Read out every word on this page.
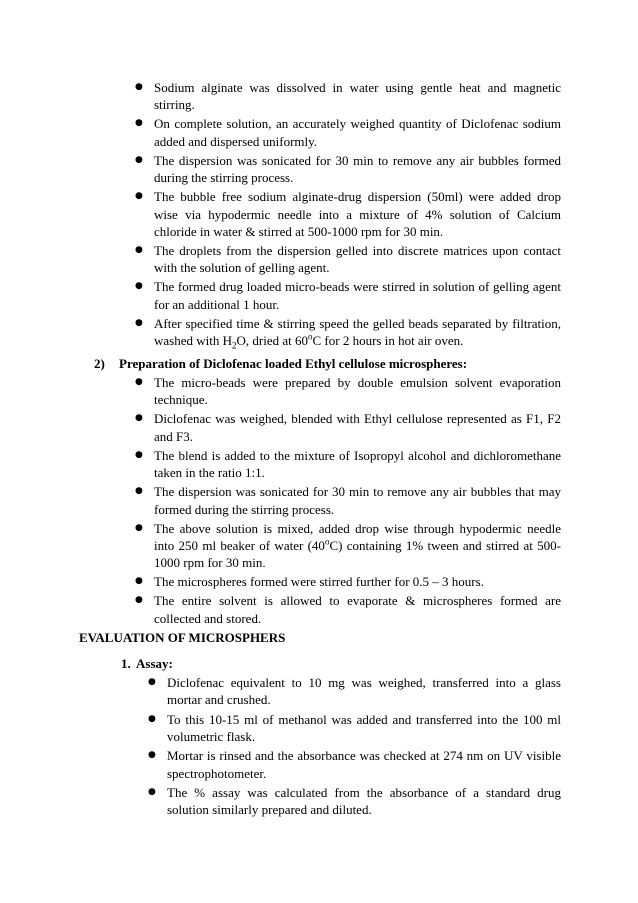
● Sodium alginate was dissolved in water using gentle heat and magnetic stirring.
● On complete solution, an accurately weighed quantity of Diclofenac sodium added and dispersed uniformly.
● The dispersion was sonicated for 30 min to remove any air bubbles formed during the stirring process.
● The bubble free sodium alginate-drug dispersion (50ml) were added drop wise via hypodermic needle into a mixture of 4% solution of Calcium chloride in water & stirred at 500-1000 rpm for 30 min.
● The droplets from the dispersion gelled into discrete matrices upon contact with the solution of gelling agent.
● The formed drug loaded micro-beads were stirred in solution of gelling agent for an additional 1 hour.
● After specified time & stirring speed the gelled beads separated by filtration, washed with $H_2O$, dried at 60$^o$C for 2 hours in hot air oven.
2) Preparation of Diclofenac loaded Ethyl cellulose microspheres:
● The micro-beads were prepared by double emulsion solvent evaporation technique.
● Diclofenac was weighed, blended with Ethyl cellulose represented as F1, F2 and F3.
● The blend is added to the mixture of Isopropyl alcohol and dichloromethane taken in the ratio 1:1.
● The dispersion was sonicated for 30 min to remove any air bubbles that may formed during the stirring process.
● The above solution is mixed, added drop wise through hypodermic needle into 250 ml beaker of water (40$^o$C) containing 1% tween and stirred at 500-1000 rpm for 30 min.
● The microspheres formed were stirred further for 0.5 – 3 hours.
● The entire solvent is allowed to evaporate & microspheres formed are collected and stored.
EVALUATION OF MICROSPHERS
1. Assay:
● Diclofenac equivalent to 10 mg was weighed, transferred into a glass mortar and crushed.
● To this 10-15 ml of methanol was added and transferred into the 100 ml volumetric flask.
● Mortar is rinsed and the absorbance was checked at 274 nm on UV visible spectrophotometer.
● The % assay was calculated from the absorbance of a standard drug solution similarly prepared and diluted.
